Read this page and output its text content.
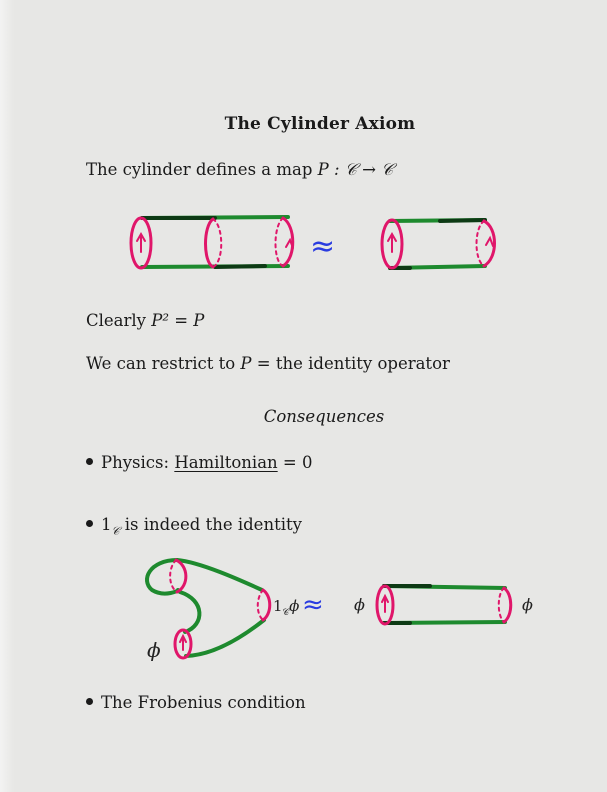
The Cylinder Axiom
The cylinder defines a map P : 𝒞 → 𝒞
≈
ϕ
$1_𝒞\phi \approx \phi$	ϕ
Clearly P² = P
We can restrict to P = the identity operator
Consequences
Physics: Hamiltonian = 0
$1_𝒞$ is indeed the identity
The Frobenius condition
